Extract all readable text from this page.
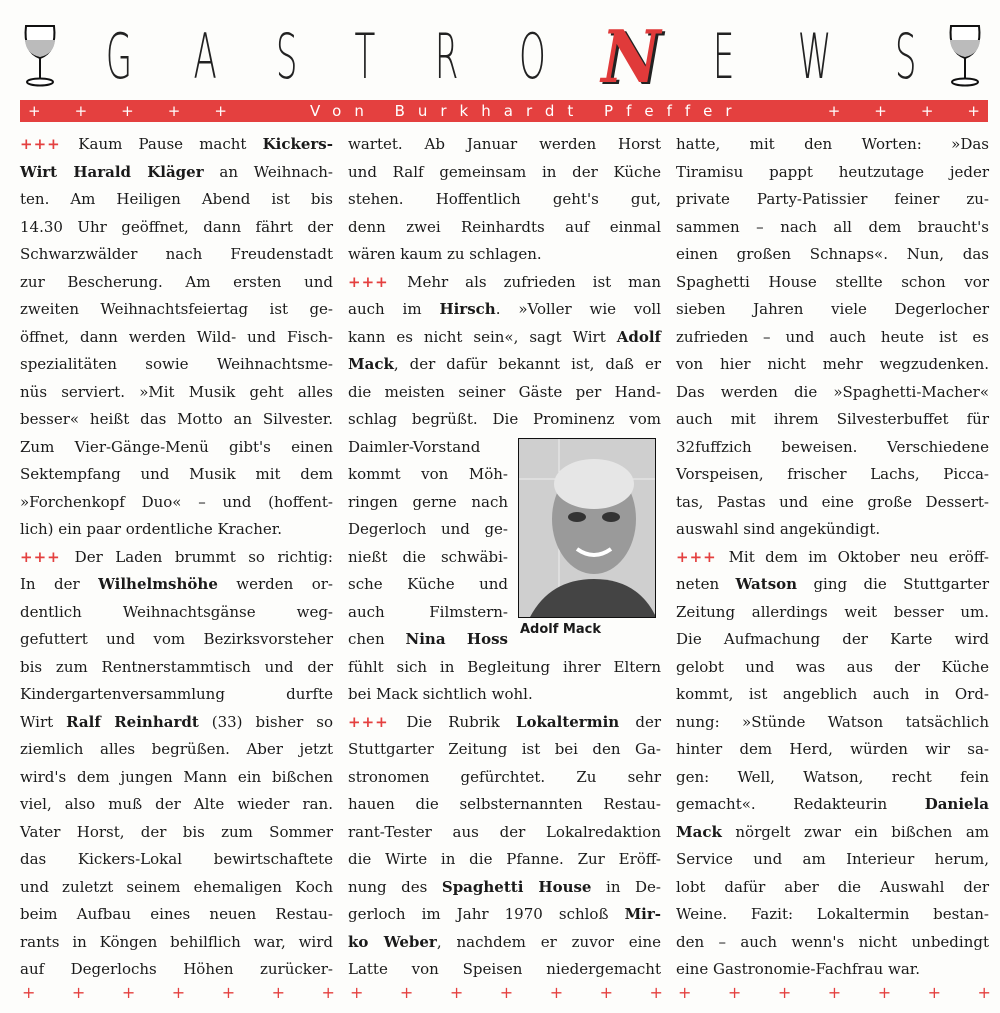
G A S T R O N E W S
+ + + + +	Von Burkhardt Pfeffer	+ + + +
+++ Kaum Pause macht Kickers-
Wirt Harald Kläger an Weihnach-
ten. Am Heiligen Abend ist bis
14.30 Uhr geöffnet, dann fährt der
Schwarzwälder nach Freudenstadt
zur Bescherung. Am ersten und
zweiten Weihnachtsfeiertag ist ge-
öffnet, dann werden Wild- und Fisch-
spezialitäten sowie Weihnachtsme-
nüs serviert. »Mit Musik geht alles
besser« heißt das Motto an Silvester.
Zum Vier-Gänge-Menü gibt's einen
Sektempfang und Musik mit dem
»Forchenkopf Duo« – und (hoffent-
lich) ein paar ordentliche Kracher.
+++ Der Laden brummt so richtig:
In der Wilhelmshöhe werden or-
dentlich Weihnachtsgänse weg-
gefuttert und vom Bezirksvorsteher
bis zum Rentnerstammtisch und der
Kindergartenversammlung durfte
Wirt Ralf Reinhardt (33) bisher so
ziemlich alles begrüßen. Aber jetzt
wird's dem jungen Mann ein bißchen
viel, also muß der Alte wieder ran.
Vater Horst, der bis zum Sommer
das Kickers-Lokal bewirtschaftete
und zuletzt seinem ehemaligen Koch
beim Aufbau eines neuen Restau-
rants in Köngen behilflich war, wird
auf Degerlochs Höhen zurücker-
wartet. Ab Januar werden Horst
und Ralf gemeinsam in der Küche
stehen. Hoffentlich geht's gut,
denn zwei Reinhardts auf einmal
wären kaum zu schlagen.
+++ Mehr als zufrieden ist man
auch im Hirsch. »Voller wie voll
kann es nicht sein«, sagt Wirt Adolf
Mack, der dafür bekannt ist, daß er
die meisten seiner Gäste per Hand-
schlag begrüßt. Die Prominenz vom
Daimler-Vorstand
kommt von Möh-
ringen gerne nach
Degerloch und ge-
nießt die schwäbi-
sche Küche und
auch Filmstern-
chen Nina Hoss
fühlt sich in Begleitung ihrer Eltern
bei Mack sichtlich wohl.
+++ Die Rubrik Lokaltermin der
Stuttgarter Zeitung ist bei den Ga-
stronomen gefürchtet. Zu sehr
hauen die selbsternannten Restau-
rant-Tester aus der Lokalredaktion
die Wirte in die Pfanne. Zur Eröff-
nung des Spaghetti House in De-
gerloch im Jahr 1970 schloß Mir-
ko Weber, nachdem er zuvor eine
Latte von Speisen niedergemacht
hatte, mit den Worten: »Das
Tiramisu pappt heutzutage jeder
private Party-Patissier feiner zu-
sammen – nach all dem braucht's
einen großen Schnaps«. Nun, das
Spaghetti House stellte schon vor
sieben Jahren viele Degerlocher
zufrieden – und auch heute ist es
von hier nicht mehr wegzudenken.
Das werden die »Spaghetti-Macher«
auch mit ihrem Silvesterbuffet für
32fuffzich beweisen. Verschiedene
Vorspeisen, frischer Lachs, Picca-
tas, Pastas und eine große Dessert-
auswahl sind angekündigt.
+++ Mit dem im Oktober neu eröff-
neten Watson ging die Stuttgarter
Zeitung allerdings weit besser um.
Die Aufmachung der Karte wird
gelobt und was aus der Küche
kommt, ist angeblich auch in Ord-
nung: »Stünde Watson tatsächlich
hinter dem Herd, würden wir sa-
gen: Well, Watson, recht fein
gemacht«. Redakteurin Daniela
Mack nörgelt zwar ein bißchen am
Service und am Interieur herum,
lobt dafür aber die Auswahl der
Weine. Fazit: Lokaltermin bestan-
den – auch wenn's nicht unbedingt
eine Gastronomie-Fachfrau war.
Adolf Mack
+ + + + + + + + + + + + + + + + + + + + +
